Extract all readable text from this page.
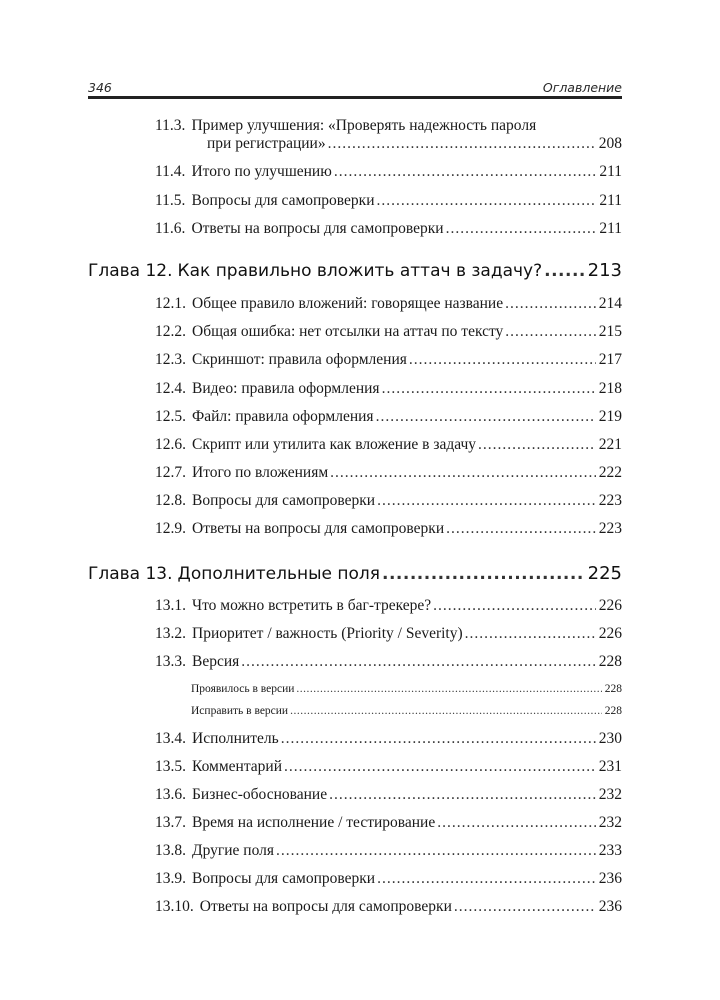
346	Оглавление
11.3. Пример улучшения: «Проверять надежность пароля
при регистрации» .....	208
11.4. Итого по улучшению .....	211
11.5. Вопросы для самопроверки .....	211
11.6. Ответы на вопросы для самопроверки .....	211
Глава 12. Как правильно вложить аттач в задачу? .....	213
12.1. Общее правило вложений: говорящее название .....	214
12.2. Общая ошибка: нет отсылки на аттач по тексту .....	215
12.3. Скриншот: правила оформления .....	217
12.4. Видео: правила оформления .....	218
12.5. Файл: правила оформления .....	219
12.6. Скрипт или утилита как вложение в задачу .....	221
12.7. Итого по вложениям .....	222
12.8. Вопросы для самопроверки .....	223
12.9. Ответы на вопросы для самопроверки .....	223
Глава 13. Дополнительные поля .....	225
13.1. Что можно встретить в баг-трекере? .....	226
13.2. Приоритет / важность (Priority / Severity) .....	226
13.3. Версия .....	228
Проявилось в версии .....	228
Исправить в версии .....	228
13.4. Исполнитель .....	230
13.5. Комментарий .....	231
13.6. Бизнес-обоснование .....	232
13.7. Время на исполнение / тестирование .....	232
13.8. Другие поля .....	233
13.9. Вопросы для самопроверки .....	236
13.10. Ответы на вопросы для самопроверки .....	236
